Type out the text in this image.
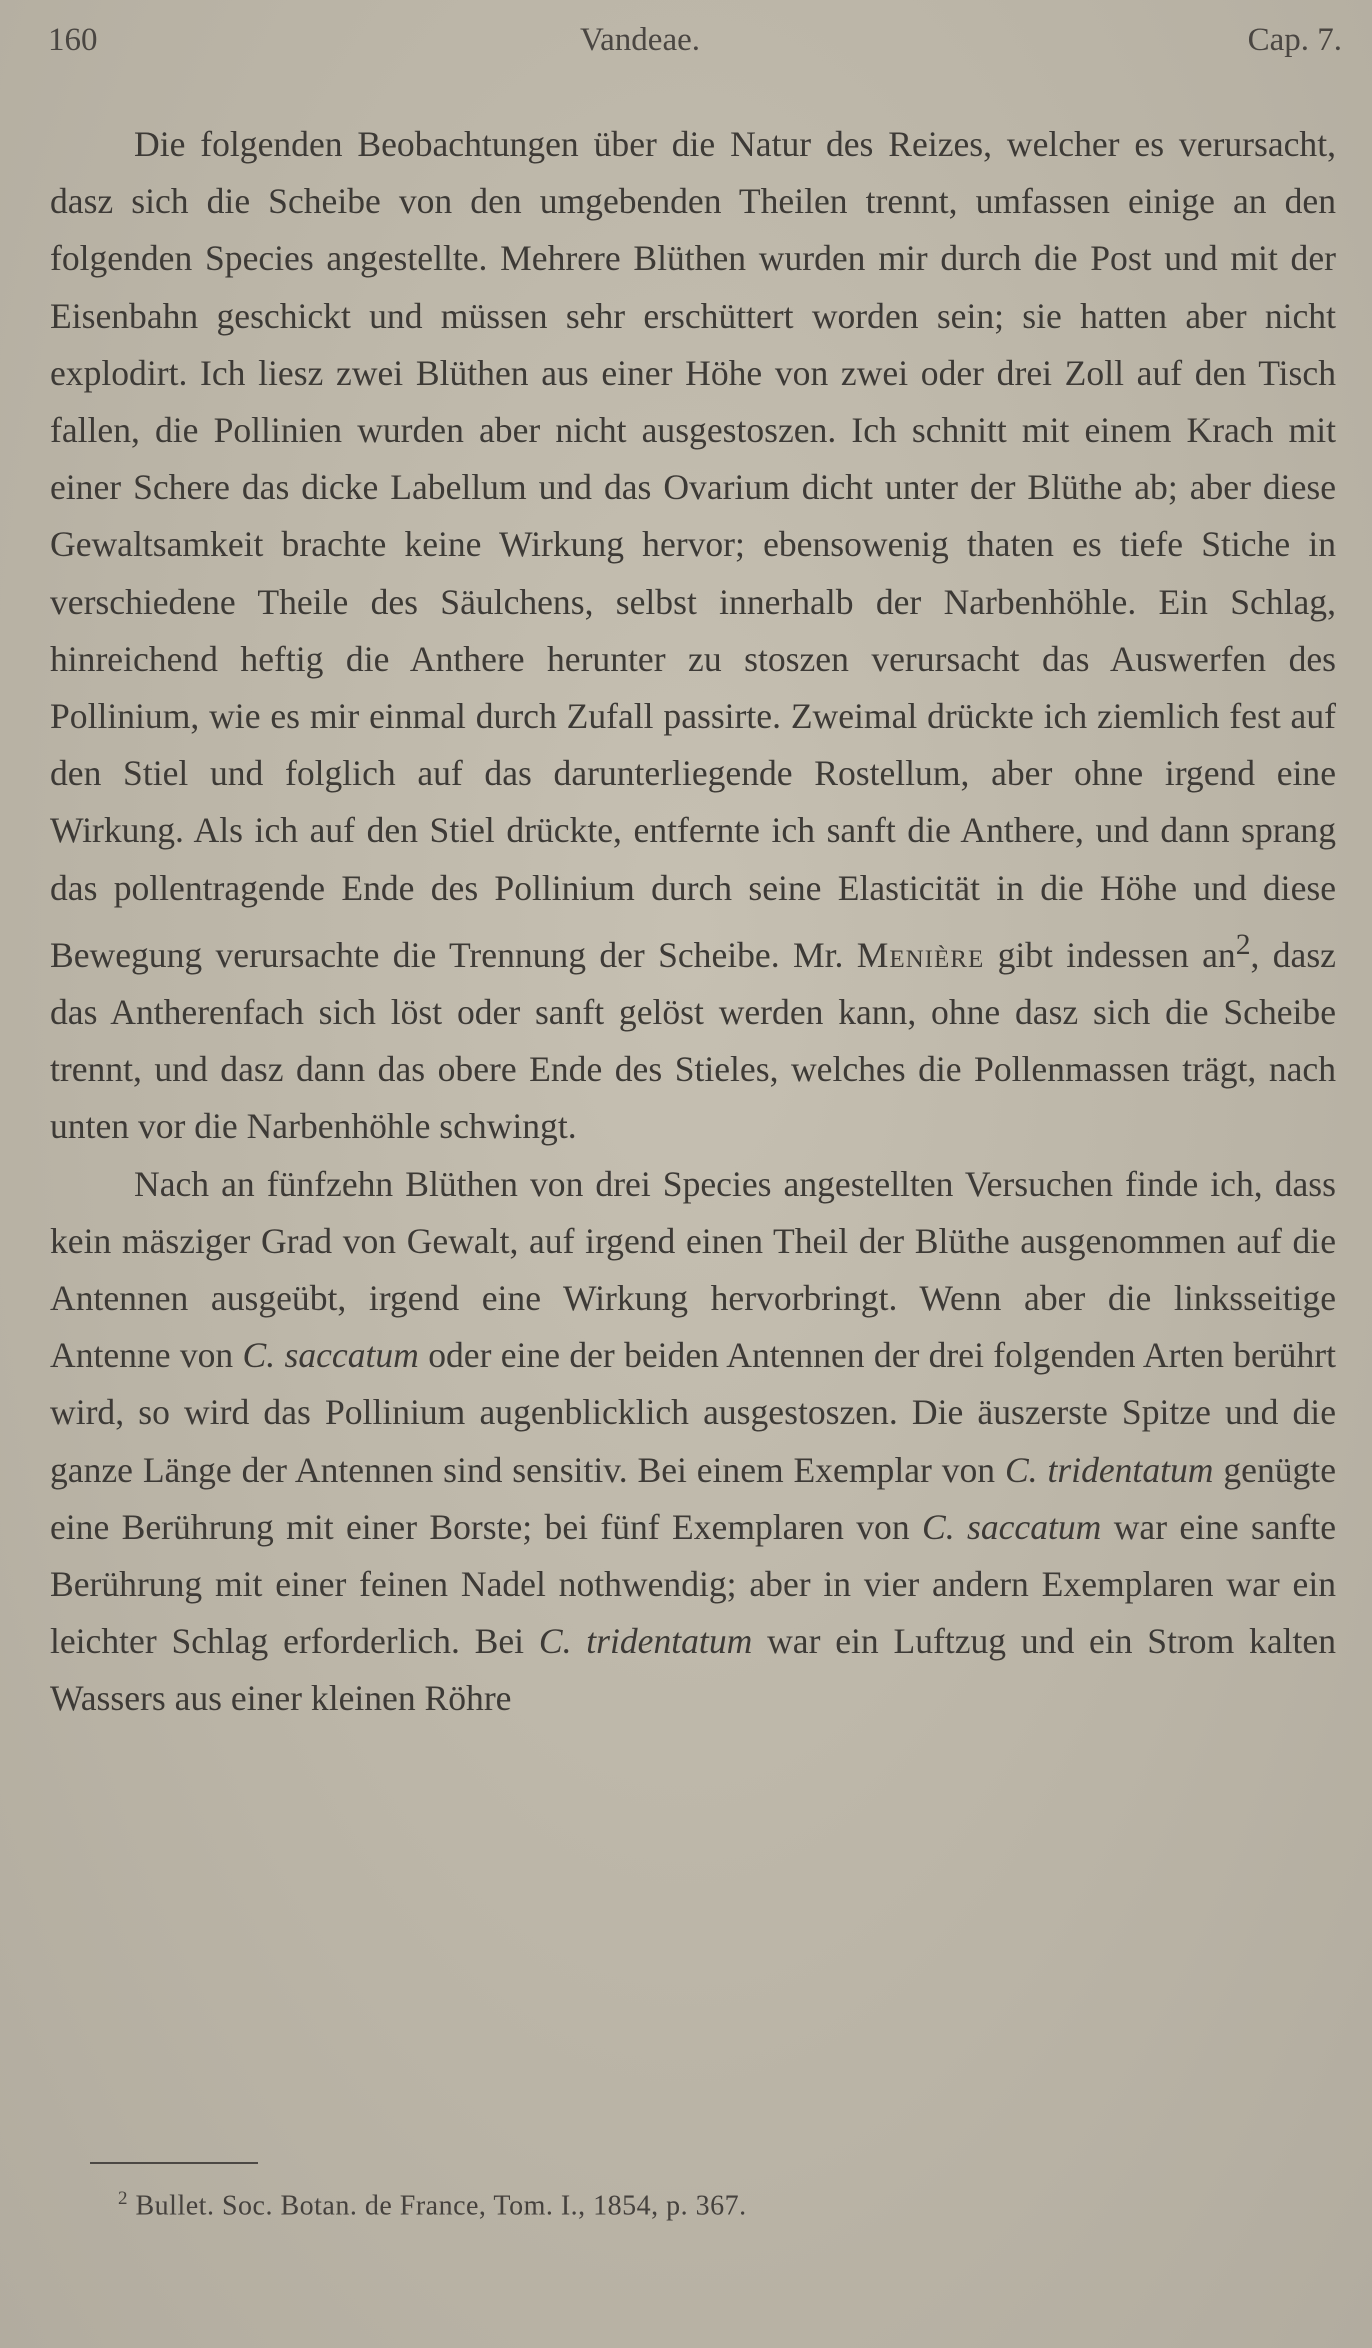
160	Vandeae.	Cap. 7.

Die folgenden Beobachtungen über die Natur des Reizes, welcher es verursacht, dasz sich die Scheibe von den umgebenden Theilen trennt, umfassen einige an den folgenden Species angestellte. Mehrere Blüthen wurden mir durch die Post und mit der Eisenbahn geschickt und müssen sehr erschüttert worden sein; sie hatten aber nicht explodirt. Ich liesz zwei Blüthen aus einer Höhe von zwei oder drei Zoll auf den Tisch fallen, die Pollinien wurden aber nicht ausgestoszen. Ich schnitt mit einem Krach mit einer Schere das dicke Labellum und das Ovarium dicht unter der Blüthe ab; aber diese Gewaltsamkeit brachte keine Wirkung hervor; ebensowenig thaten es tiefe Stiche in verschiedene Theile des Säulchens, selbst innerhalb der Narbenhöhle. Ein Schlag, hinreichend heftig die Anthere herunter zu stoszen verursacht das Auswerfen des Pollinium, wie es mir einmal durch Zufall passirte. Zweimal drückte ich ziemlich fest auf den Stiel und folglich auf das darunterliegende Rostellum, aber ohne irgend eine Wirkung. Als ich auf den Stiel drückte, entfernte ich sanft die Anthere, und dann sprang das pollentragende Ende des Pollinium durch seine Elasticität in die Höhe und diese Bewegung verursachte die Trennung der Scheibe. Mr. Menière gibt indessen $an^2$, dasz das Antherenfach sich löst oder sanft gelöst werden kann, ohne dasz sich die Scheibe trennt, und dasz dann das obere Ende des Stieles, welches die Pollenmassen trägt, nach unten vor die Narbenhöhle schwingt.

Nach an fünfzehn Blüthen von drei Species angestellten Versuchen finde ich, dass kein mäsziger Grad von Gewalt, auf irgend einen Theil der Blüthe ausgenommen auf die Antennen ausgeübt, irgend eine Wirkung hervorbringt. Wenn aber die linksseitige Antenne von C. saccatum oder eine der beiden Antennen der drei folgenden Arten berührt wird, so wird das Pollinium augenblicklich ausgestoszen. Die äuszerste Spitze und die ganze Länge der Antennen sind sensitiv. Bei einem Exemplar von C. tridentatum genügte eine Berührung mit einer Borste; bei fünf Exemplaren von C. saccatum war eine sanfte Berührung mit einer feinen Nadel nothwendig; aber in vier andern Exemplaren war ein leichter Schlag erforderlich. Bei C. tridentatum war ein Luftzug und ein Strom kalten Wassers aus einer kleinen Röhre

$^2$ Bullet. Soc. Botan. de France, Tom. I., 1854, p. 367.
